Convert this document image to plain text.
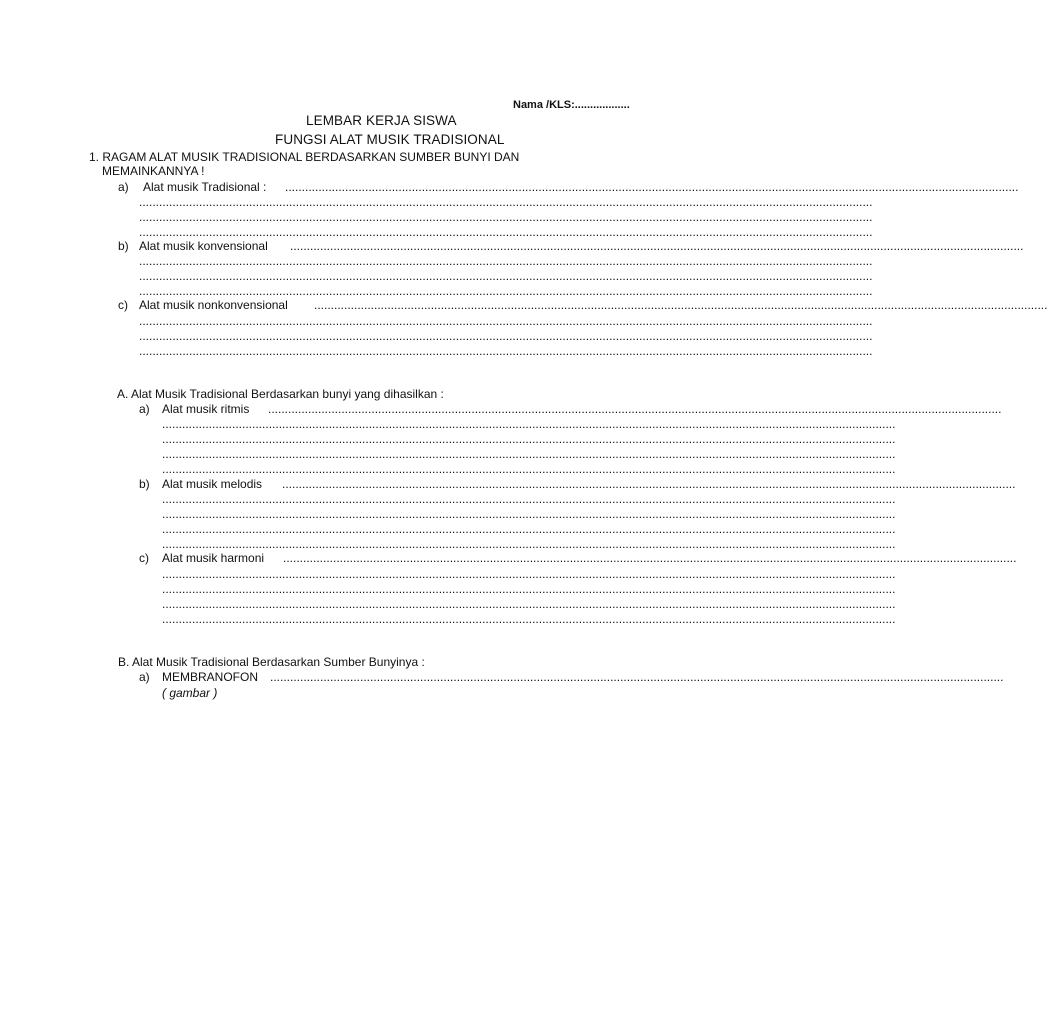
Nama /KLS:..................
LEMBAR KERJA SISWA
FUNGSI ALAT MUSIK TRADISIONAL
1. RAGAM ALAT MUSIK TRADISIONAL BERDASARKAN SUMBER BUNYI DAN
MEMAINKANNYA !
a) Alat musik Tradisional : ............................................................................................................................................................................................................................
............................................................................................................................................................................................................................
............................................................................................................................................................................................................................
............................................................................................................................................................................................................................
b) Alat musik konvensional ............................................................................................................................................................................................................................
............................................................................................................................................................................................................................
............................................................................................................................................................................................................................
............................................................................................................................................................................................................................
c) Alat musik nonkonvensional ............................................................................................................................................................................................................................
............................................................................................................................................................................................................................
............................................................................................................................................................................................................................
............................................................................................................................................................................................................................
A. Alat Musik Tradisional Berdasarkan bunyi yang dihasilkan :
a) Alat musik ritmis ............................................................................................................................................................................................................................
............................................................................................................................................................................................................................
............................................................................................................................................................................................................................
............................................................................................................................................................................................................................
............................................................................................................................................................................................................................
b) Alat musik melodis ............................................................................................................................................................................................................................
............................................................................................................................................................................................................................
............................................................................................................................................................................................................................
............................................................................................................................................................................................................................
............................................................................................................................................................................................................................
c) Alat musik harmoni ............................................................................................................................................................................................................................
............................................................................................................................................................................................................................
............................................................................................................................................................................................................................
............................................................................................................................................................................................................................
............................................................................................................................................................................................................................
B. Alat Musik Tradisional Berdasarkan Sumber Bunyinya :
a) MEMBRANOFON ............................................................................................................................................................................................................................
( gambar )
